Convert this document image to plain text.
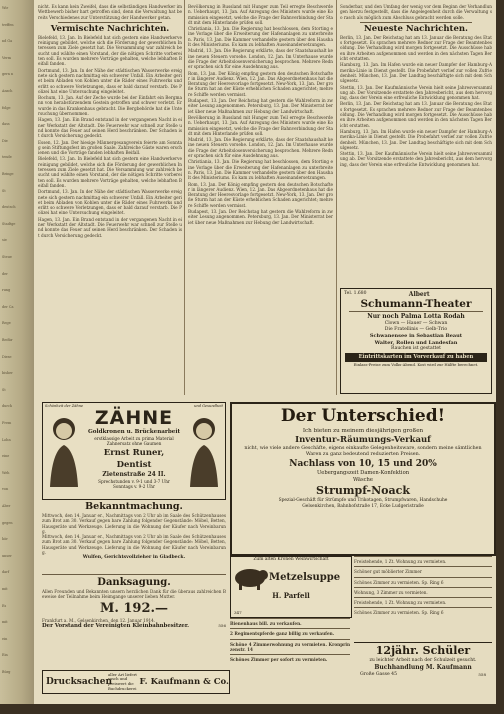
Wir
treffen
nd Ga
Verm
gern n
Ansch
folge
dass
Die
tende
Bringe
St
deutsch
Stadtge
sie
Steue
der
rung
der Ca
Rege
Bedür
Diese
bisher
St
durch
Frem
Lohn
eine
Weh
von
Aber
gegen
hör
unser
darf
mit
Es
mit
ein
Ein
Bürg
nicht. Es kann kein Zweifel, dass die selbständigen Handwerker im Wettbewerb bisher hart getroffen sind, denn die Verwaltung hat bereits Verschiedenes zur Unterstützung der Handwerker getan.
Vermischte Nachrichten.
Bielefeld, 13. Jan. In Bielefeld hat sich gestern eine Handwerkervereinigung gebildet, welche sich die Förderung der gewerblichen Interessen zum Ziele gesetzt hat. Die Versammlung war zahlreich besucht und wählte einen Vorstand, der die nötigen Schritte vorbereiten soll. Es wurden mehrere Vorträge gehalten, welche lebhaften Beifall fanden.
Dortmund, 13. Jan. In der Nähe der städtischen Wasserwerke ereignete sich gestern nachmittag ein schwerer Unfall. Ein Arbeiter geriet beim Abladen von Kohlen unter die Räder eines Fuhrwerks und erlitt so schwere Verletzungen, dass er bald darauf verstarb. Die Polizei hat eine Untersuchung eingeleitet.
Bochum, 13. Jan. Auf der Zeche wurde bei der Einfahrt ein Bergmann von herabstürzendem Gestein getroffen und schwer verletzt. Er wurde in das Krankenhaus gebracht. Die Bergbehörde hat die Untersuchung übernommen.
Hagen, 13. Jan. Ein Brand entstand in der vergangenen Nacht in einer Werkstatt der Altstadt. Die Feuerwehr war schnell zur Stelle und konnte das Feuer auf seinen Herd beschränken. Der Schaden ist durch Versicherung gedeckt.
Essen, 12. Jan. Der hiesige Männergesangverein feierte am Sonntag sein Stiftungsfest im großen Saale. Zahlreiche Gäste waren erschienen und die Vorträge fanden lebhaften Beifall.
Bielefeld, 13. Jan. In Bielefeld hat sich gestern eine Handwerkervereinigung gebildet, welche sich die Förderung der gewerblichen Interessen zum Ziele gesetzt hat. Die Versammlung war zahlreich besucht und wählte einen Vorstand, der die nötigen Schritte vorbereiten soll. Es wurden mehrere Vorträge gehalten, welche lebhaften Beifall fanden.
Dortmund, 13. Jan. In der Nähe der städtischen Wasserwerke ereignete sich gestern nachmittag ein schwerer Unfall. Ein Arbeiter geriet beim Abladen von Kohlen unter die Räder eines Fuhrwerks und erlitt so schwere Verletzungen, dass er bald darauf verstarb. Die Polizei hat eine Untersuchung eingeleitet.
Hagen, 13. Jan. Ein Brand entstand in der vergangenen Nacht in einer Werkstatt der Altstadt. Die Feuerwehr war schnell zur Stelle und konnte das Feuer auf seinen Herd beschränken. Der Schaden ist durch Versicherung gedeckt.
Bevölkerung in Russland mit Hunger zum Teil erregte Beschwerden. Ueberhaupt, 13. Jan. Auf Anregung des Ministers wurde eine Kommission eingesetzt, welche die Frage der Bahnverbindung der Stadt mit dem Hinterlande prüfen soll.
Christiania, 13. Jan. Die Regierung hat beschlossen, dem Storting eine Vorlage über die Erweiterung der Hafenanlagen zu unterbreiten. Paris, 13. Jan. Die Kammer verhandelte gestern über den Haushalt des Ministeriums. Es kam zu lebhaften Auseinandersetzungen.
Madrid, 13. Jan. Die Regierung erklärte, dass der Staatshaushalt keine neuen Steuern vorsehe. London, 12. Jan. Im Unterhause wurde die Frage der Arbeitslosenversicherung besprochen. Mehrere Redner sprachen sich für eine Ausdehnung aus.
Rom, 13. Jan. Der König empfing gestern den deutschen Botschafter in längerer Audienz. Wien, 12. Jan. Das Abgeordnetenhaus hat die Beratung der Heeresvorlage fortgesetzt. New-York, 13. Jan. Der große Sturm hat an der Küste erheblichen Schaden angerichtet; mehrere Schiffe werden vermisst.
Budapest, 13. Jan. Der Reichstag hat gestern die Wahlreform in zweiter Lesung angenommen. Petersburg, 13. Jan. Der Ministerrat beriet über neue Maßnahmen zur Hebung der Landwirtschaft.
Bevölkerung in Russland mit Hunger zum Teil erregte Beschwerden. Ueberhaupt, 13. Jan. Auf Anregung des Ministers wurde eine Kommission eingesetzt, welche die Frage der Bahnverbindung der Stadt mit dem Hinterlande prüfen soll.
Madrid, 13. Jan. Die Regierung erklärte, dass der Staatshaushalt keine neuen Steuern vorsehe. London, 12. Jan. Im Unterhause wurde die Frage der Arbeitslosenversicherung besprochen. Mehrere Redner sprachen sich für eine Ausdehnung aus.
Christiania, 13. Jan. Die Regierung hat beschlossen, dem Storting eine Vorlage über die Erweiterung der Hafenanlagen zu unterbreiten. Paris, 13. Jan. Die Kammer verhandelte gestern über den Haushalt des Ministeriums. Es kam zu lebhaften Auseinandersetzungen.
Rom, 13. Jan. Der König empfing gestern den deutschen Botschafter in längerer Audienz. Wien, 12. Jan. Das Abgeordnetenhaus hat die Beratung der Heeresvorlage fortgesetzt. New-York, 13. Jan. Der große Sturm hat an der Küste erheblichen Schaden angerichtet; mehrere Schiffe werden vermisst.
Budapest, 13. Jan. Der Reichstag hat gestern die Wahlreform in zweiter Lesung angenommen. Petersburg, 13. Jan. Der Ministerrat beriet über neue Maßnahmen zur Hebung der Landwirtschaft.
Sonderbar, und den Umfang der wenig vor dem Beginn der Verhandlungen hierzu festgestellt, dass die Angelegenheit durch die Verwaltung so rasch als möglich zum Abschluss gebracht werden solle.
Neueste Nachrichten.
Berlin, 13. Jan. Der Reichstag hat am 13. Januar die Beratung des Etats fortgesetzt. Es sprachen mehrere Redner zur Frage der Beamtenbesoldung. Die Verhandlung wird morgen fortgesetzt. Die Ausschüsse haben ihre Arbeiten aufgenommen und werden in den nächsten Tagen Bericht erstatten.
Hamburg, 13. Jan. Im Hafen wurde ein neuer Dampfer der Hamburg-Amerika-Linie in Dienst gestellt. Die Probefahrt verlief zur vollen Zufriedenheit. München, 13. Jan. Der Landtag beschäftigte sich mit dem Schulgesetz.
Stettin, 13. Jan. Der Kaufmännische Verein hielt seine Jahresversammlung ab. Der Vorsitzende erstattete den Jahresbericht, aus dem hervorging, dass der Verein eine erfreuliche Entwicklung genommen hat.
Berlin, 13. Jan. Der Reichstag hat am 13. Januar die Beratung des Etats fortgesetzt. Es sprachen mehrere Redner zur Frage der Beamtenbesoldung. Die Verhandlung wird morgen fortgesetzt. Die Ausschüsse haben ihre Arbeiten aufgenommen und werden in den nächsten Tagen Bericht erstatten.
Hamburg, 13. Jan. Im Hafen wurde ein neuer Dampfer der Hamburg-Amerika-Linie in Dienst gestellt. Die Probefahrt verlief zur vollen Zufriedenheit. München, 13. Jan. Der Landtag beschäftigte sich mit dem Schulgesetz.
Stettin, 13. Jan. Der Kaufmännische Verein hielt seine Jahresversammlung ab. Der Vorsitzende erstattete den Jahresbericht, aus dem hervorging, dass der Verein eine erfreuliche Entwicklung genommen hat.
Tel. 1.680	Albert
Schumann-Theater
Nur noch Palma Lotta Rodah
Clown — Hauer — Schwan
Die Fratellinis — Gelb-Trio
Schwanensee in Sebastian Beaut
Walter, Rollen und Landesfan
Rauchen ist gestattet
Eintrittskarten im Vorverkauf zu haben
Einlass-Preise zum Volks-Abend. Kost wird zur Hälfte berechnet.
Schönheit der Zähne	und Gesundheit
ZÄHNE
Goldkronen u. Brückenarbeit
erstklassige Arbeit zu prima Material
Zahnersatz ohne Gaumen
Ernst Runer, Dentist
Zietenstraße 24 II.
Sprechstunden v. 9-1 und 3-7 Uhr
Sonntags v. 9-2 Uhr
Bekanntmachung.
Mittwoch, den 14. Januar er., Nachmittags von 2 Uhr ab im Saale des Schützenhauses zum Brot am 30. Verkauf gegen bare Zahlung folgender Gegenstände: Möbel, Betten, Hausgeräte und Werkzeuge. Lieferung in die Wohnung der Käufer nach Vereinbarung.
Mittwoch, den 14. Januar er., Nachmittags von 2 Uhr ab im Saale des Schützenhauses zum Brot am 30. Verkauf gegen bare Zahlung folgender Gegenstände: Möbel, Betten, Hausgeräte und Werkzeuge. Lieferung in die Wohnung der Käufer nach Vereinbarung.
Wulfen, Gerichtsvollzieher in Gladbeck.
Danksagung.
Allen Freunden und Bekannten unsern herzlichen Dank für die überaus zahlreichen Beweise der Teilnahme beim Heimgange unserer lieben Mutter.
M. 192.—
Frankfurt a. M., Gelsenkirchen, den 12. Januar 1914.
Der Vorstand der Vereinigten Kleinbahnbesitzer.	556
Drucksachen
aller Art liefert rasch und
preiswert die Buchdruckerei
F. Kaufmann & Co.
Der Unterschied!
Ich bieten zu meinem diesjährigen großen
Inventur-Räumungs-Verkauf
nicht, wie viele andere Geschäfte, eigens einkaufte Gelegenheitsware, sondern meine sämtlichen Waren zu ganz bedeutend reduzierten Preisen.
Nachlass von 10, 15 und 20%
Uebergangszeit Damen-Konfektion
Wäsche
Strumpf-Noack
Spezial-Geschäft für Strümpfe und Trikotagen, Strumpfwaren, Handschuhe
Gelsenkirchen, Bahnhofstraße 17, Ecke Ludgeristraße
Zum alten Kronen Weinwirtschaft
Metzelsuppe
H. Parfell
347
Bienenhaus bill. zu verkaufen.
2 Regimentspferde ganz billig zu verkaufen.
Schöne 4 Zimmerwohnung zu vermieten. Kronprinzenstr. 14
Schönes Zimmer per sofort zu vermieten.
Freistehende, 1 Zt. Wohnung zu vermieten.
Schöner gut möblierter Zimmer
Schönes Zimmer zu vermieten. Sp. Ring 6
Wohnung, 3 Zimmer zu vermieten.
Freistehende, 1 Zt. Wohnung zu vermieten.
Schönes Zimmer zu vermieten. Sp. Ring 6
12jähr. Schüler
zu leichter Arbeit nach der Schulzeit gesucht.
Buchhandlung M. Kaufmann
Große Gasse 45	558
